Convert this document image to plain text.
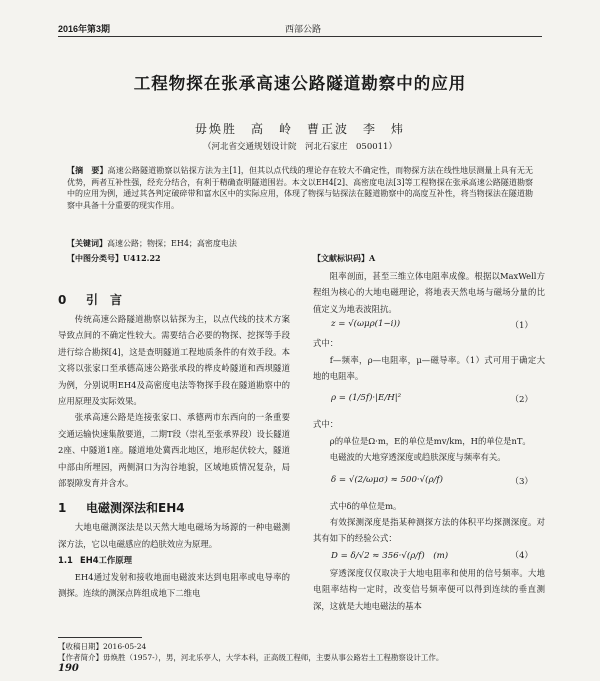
2016年第3期	西部公路
工程物探在张承高速公路隧道勘察中的应用
毋焕胜　高　岭　曹正波　李　炜
（河北省交通规划设计院　河北石家庄　050011）
【摘　要】高速公路隧道勘察以钻探方法为主[1]，但其以点代线的理论存在较大不确定性，而物探方法在线性地层测量上具有无无优势，两者互补性强，经充分结合，有利于精确查明隧道围岩。本文以EH4[2]、高密度电法[3]等工程物探在张承高速公路隧道勘察中的应用为例，通过其各判定破碎带和富水区中的实际应用，体现了物探与钻探法在隧道勘察中的高度互补性，将当物探法在隧道勘察中具备十分重要的现实作用。
【关键词】高速公路；物探；EH4；高密度电法
【中图分类号】U412.22	【文献标识码】A
0 引　言

传统高速公路隧道勘察以钻探为主，以点代线的技术方案导致点间的不确定性较大。需要结合必要的物探、挖探等手段进行综合勘探[4]，这是查明隧道工程地质条件的有效手段。本文将以张家口至承德高速公路张承段的桦皮岭隧道和西坝隧道为例，分别说明EH4及高密度电法等物探手段在隧道勘察中的应用原理及实际效果。

张承高速公路是连接张家口、承德两市东西向的一条重要交通运输快速集散要道，二期T段（崇礼至张承界段）设长隧道2座、中隧道1座。隧道地处冀西北地区，地形起伏较大，隧道中部由所埋园，两侧洞口为沟谷地貌，区域地质情况复杂，局部裂隙发育并含水。

1 电磁测深法和EH4

大地电磁测深法是以天然大地电磁场为场源的一种电磁测深方法，它以电磁感应的趋肤效应为原理。

1.1 EH4工作原理

EH4通过发射和接收地面电磁波来达到电阻率或电导率的测探。连续的测深点阵组成地下二维电

阻率剖面，甚至三维立体电阻率成像。根据以MaxWell方程组为核心的大地电磁理论，将地表天然电场与磁场分量的比值定义为地表波阻抗。

z = √(ωμρ(1−i))	（1）

式中：

f—频率，ρ—电阻率，μ—磁导率。（1）式可用于确定大地的电阻率。

ρ = (1/5f)·|E/H|²	（2）

式中：

ρ的单位是Ω·m，E的单位是mv/km，H的单位是nT。

电磁波的大地穿透深度或趋肤深度与频率有关。

δ = √(2/ωμσ) ≈ 500·√(ρ/f)	（3）

式中δ的单位是m。

有效探测深度是指某种测探方法的体积平均探测深度。对其有如下的经验公式：

D = δ/√2 ≈ 356·√(ρ/f)　(m)	（4）

穿透深度仅仅取决于大地电阻率和使用的信号频率。大地电阻率结构一定时，改变信号频率便可以得到连续的垂直测深，这就是大地电磁法的基本

【收稿日期】2016-05-24
【作者简介】毋焕胜（1957-），男，河北乐亭人，大学本科，正高级工程师，主要从事公路岩土工程勘察设计工作。
190
